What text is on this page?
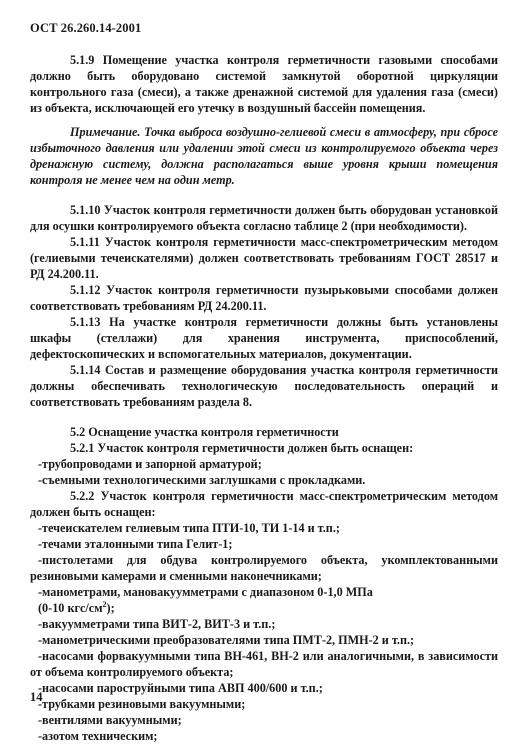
ОСТ 26.260.14-2001

5.1.9 Помещение участка контроля герметичности газовыми способами должно быть оборудовано системой замкнутой оборотной циркуляции контрольного газа (смеси), а также дренажной системой для удаления газа (смеси) из объекта, исключающей его утечку в воздушный бассейн помещения.

Примечание. Точка выброса воздушно-гелиевой смеси в атмосферу, при сбросе избыточного давления или удалении этой смеси из контролируемого объекта через дренажную систему, должна располагаться выше уровня крыши помещения контроля не менее чем на один метр.

5.1.10 Участок контроля герметичности должен быть оборудован установкой для осушки контролируемого объекта согласно таблице 2 (при необходимости).

5.1.11 Участок контроля герметичности масс-спектрометрическим методом (гелиевыми течеискателями) должен соответствовать требованиям ГОСТ 28517 и РД 24.200.11.

5.1.12 Участок контроля герметичности пузырьковыми способами должен соответствовать требованиям РД 24.200.11.

5.1.13 На участке контроля герметичности должны быть установлены шкафы (стеллажи) для хранения инструмента, приспособлений, дефектоскопических и вспомогательных материалов, документации.

5.1.14 Состав и размещение оборудования участка контроля герметичности должны обеспечивать технологическую последовательность операций и соответствовать требованиям раздела 8.

5.2 Оснащение участка контроля герметичности

5.2.1 Участок контроля герметичности должен быть оснащен:

-трубопроводами и запорной арматурой;

-съемными технологическими заглушками с прокладками.

5.2.2 Участок контроля герметичности масс-спектрометрическим методом должен быть оснащен:

-течеискателем гелиевым типа ПТИ-10, ТИ 1-14 и т.п.;

-течами эталонными типа Гелит-1;

-пистолетами для обдува контролируемого объекта, укомплектованными резиновыми камерами и сменными наконечниками;

-манометрами, мановакуумметрами с диапазоном 0-1,0 МПа

(0-10 кгс/$см^2$);

-вакуумметрами типа ВИТ-2, ВИТ-3 и т.п.;

-манометрическими преобразователями типа ПМТ-2, ПМН-2 и т.п.;

-насосами форвакуумными типа ВН-461, ВН-2 или аналогичными, в зависимости от объема контролируемого объекта;

-насосами пароструйными типа АВП 400/600 и т.п.;

-трубками резиновыми вакуумными;

-вентилями вакуумными;

-азотом техническим;

14
